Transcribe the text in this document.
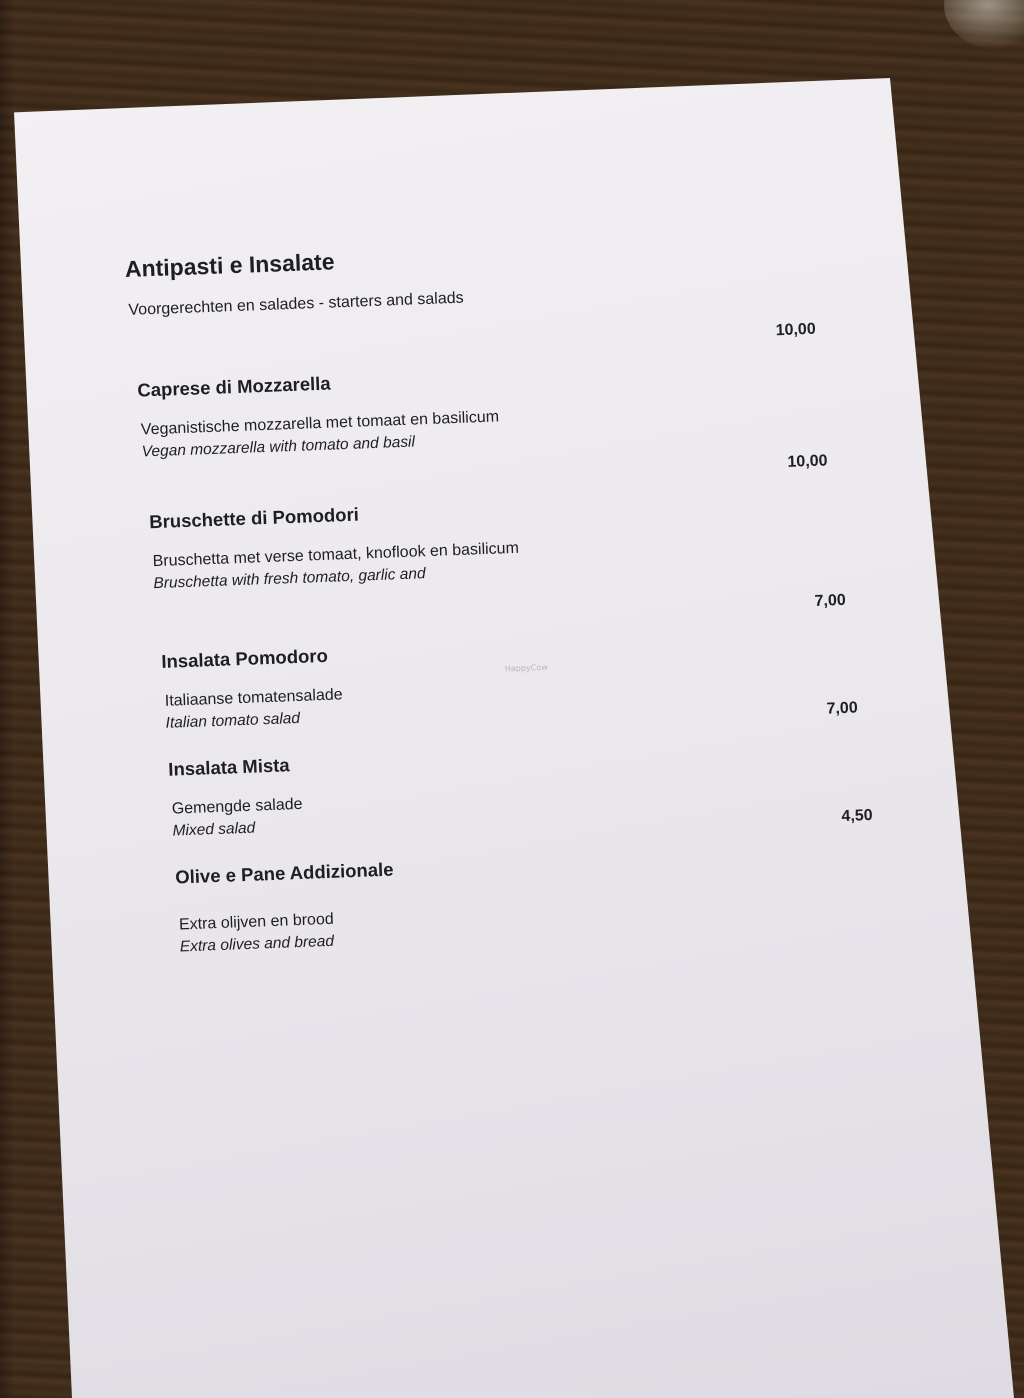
Antipasti e Insalate
Voorgerechten en salades - starters and salads
10,00
Caprese di Mozzarella
Veganistische mozzarella met tomaat en basilicum
Vegan mozzarella with tomato and basil
10,00
Bruschette di Pomodori
Bruschetta met verse tomaat, knoflook en basilicum
Bruschetta with fresh tomato, garlic and
7,00
Insalata Pomodoro
Italiaanse tomatensalade
Italian tomato salad
7,00
Insalata Mista
Gemengde salade
Mixed salad
4,50
Olive e Pane Addizionale
Extra olijven en brood
Extra olives and bread
HappyCow
